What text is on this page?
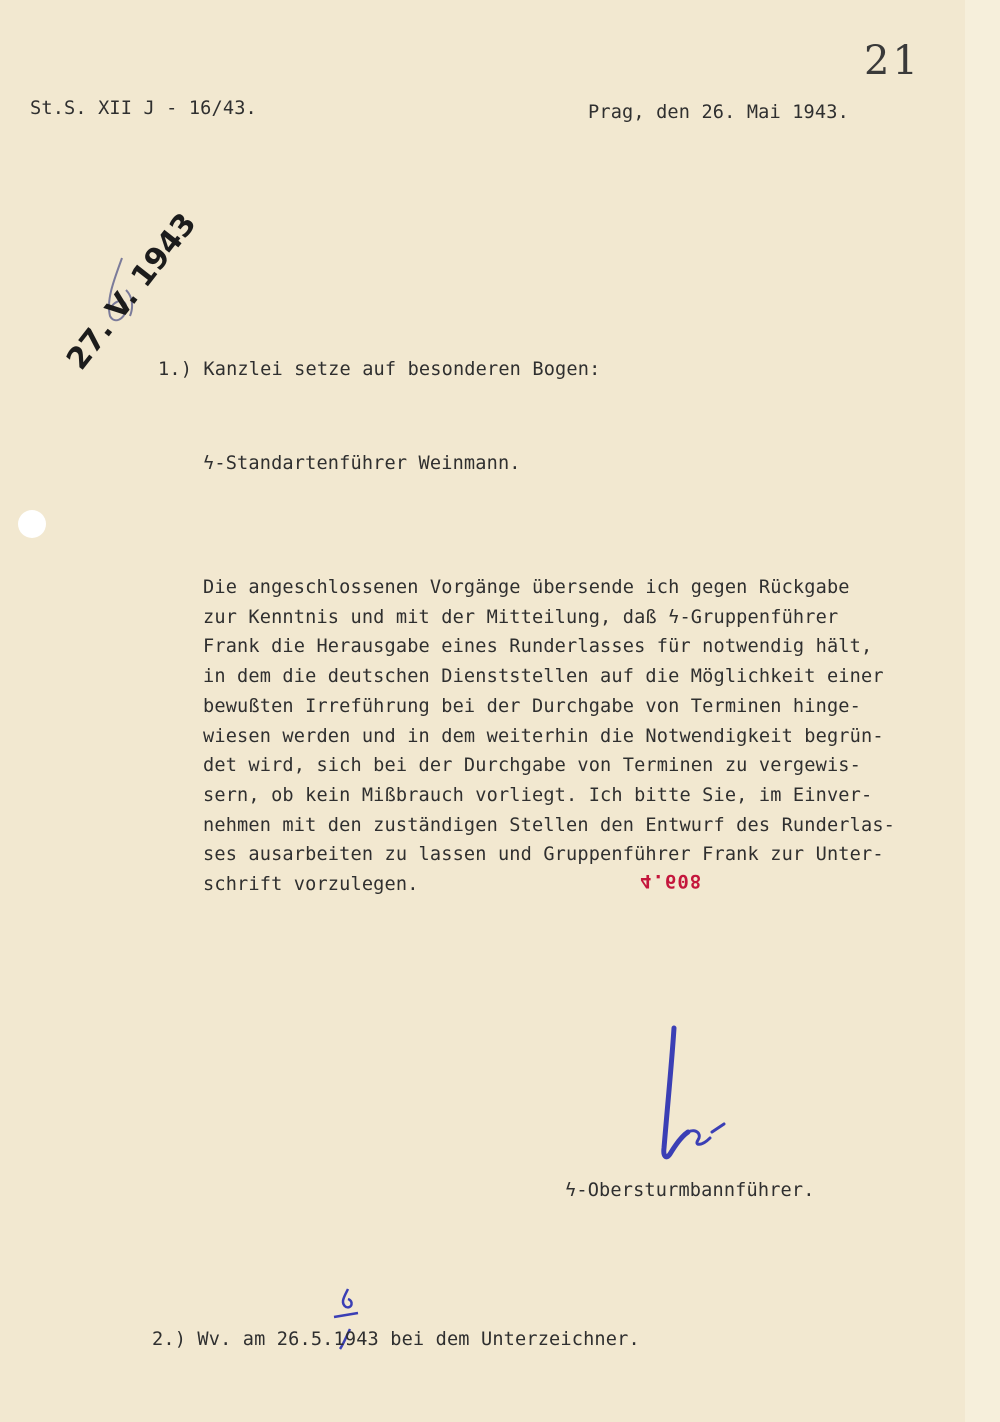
21
St.S. XII J - 16/43.	Prag, den 26. Mai 1943.
27. V. 1943
1.) Kanzlei setze auf besonderen Bogen:
ϟ-Standartenführer Weinmann.
Die angeschlossenen Vorgänge übersende ich gegen Rückgabe
zur Kenntnis und mit der Mitteilung, daß ϟ-Gruppenführer
Frank die Herausgabe eines Runderlasses für notwendig hält,
in dem die deutschen Dienststellen auf die Möglichkeit einer
bewußten Irreführung bei der Durchgabe von Terminen hinge-
wiesen werden und in dem weiterhin die Notwendigkeit begrün-
det wird, sich bei der Durchgabe von Terminen zu vergewis-
sern, ob kein Mißbrauch vorliegt. Ich bitte Sie, im Einver-
nehmen mit den zuständigen Stellen den Entwurf des Runderlas-
ses ausarbeiten zu lassen und Gruppenführer Frank zur Unter-
schrift vorzulegen.	4.608
ϟ-Obersturmbannführer.
2.) Wv. am 26.5.1943 bei dem Unterzeichner.
